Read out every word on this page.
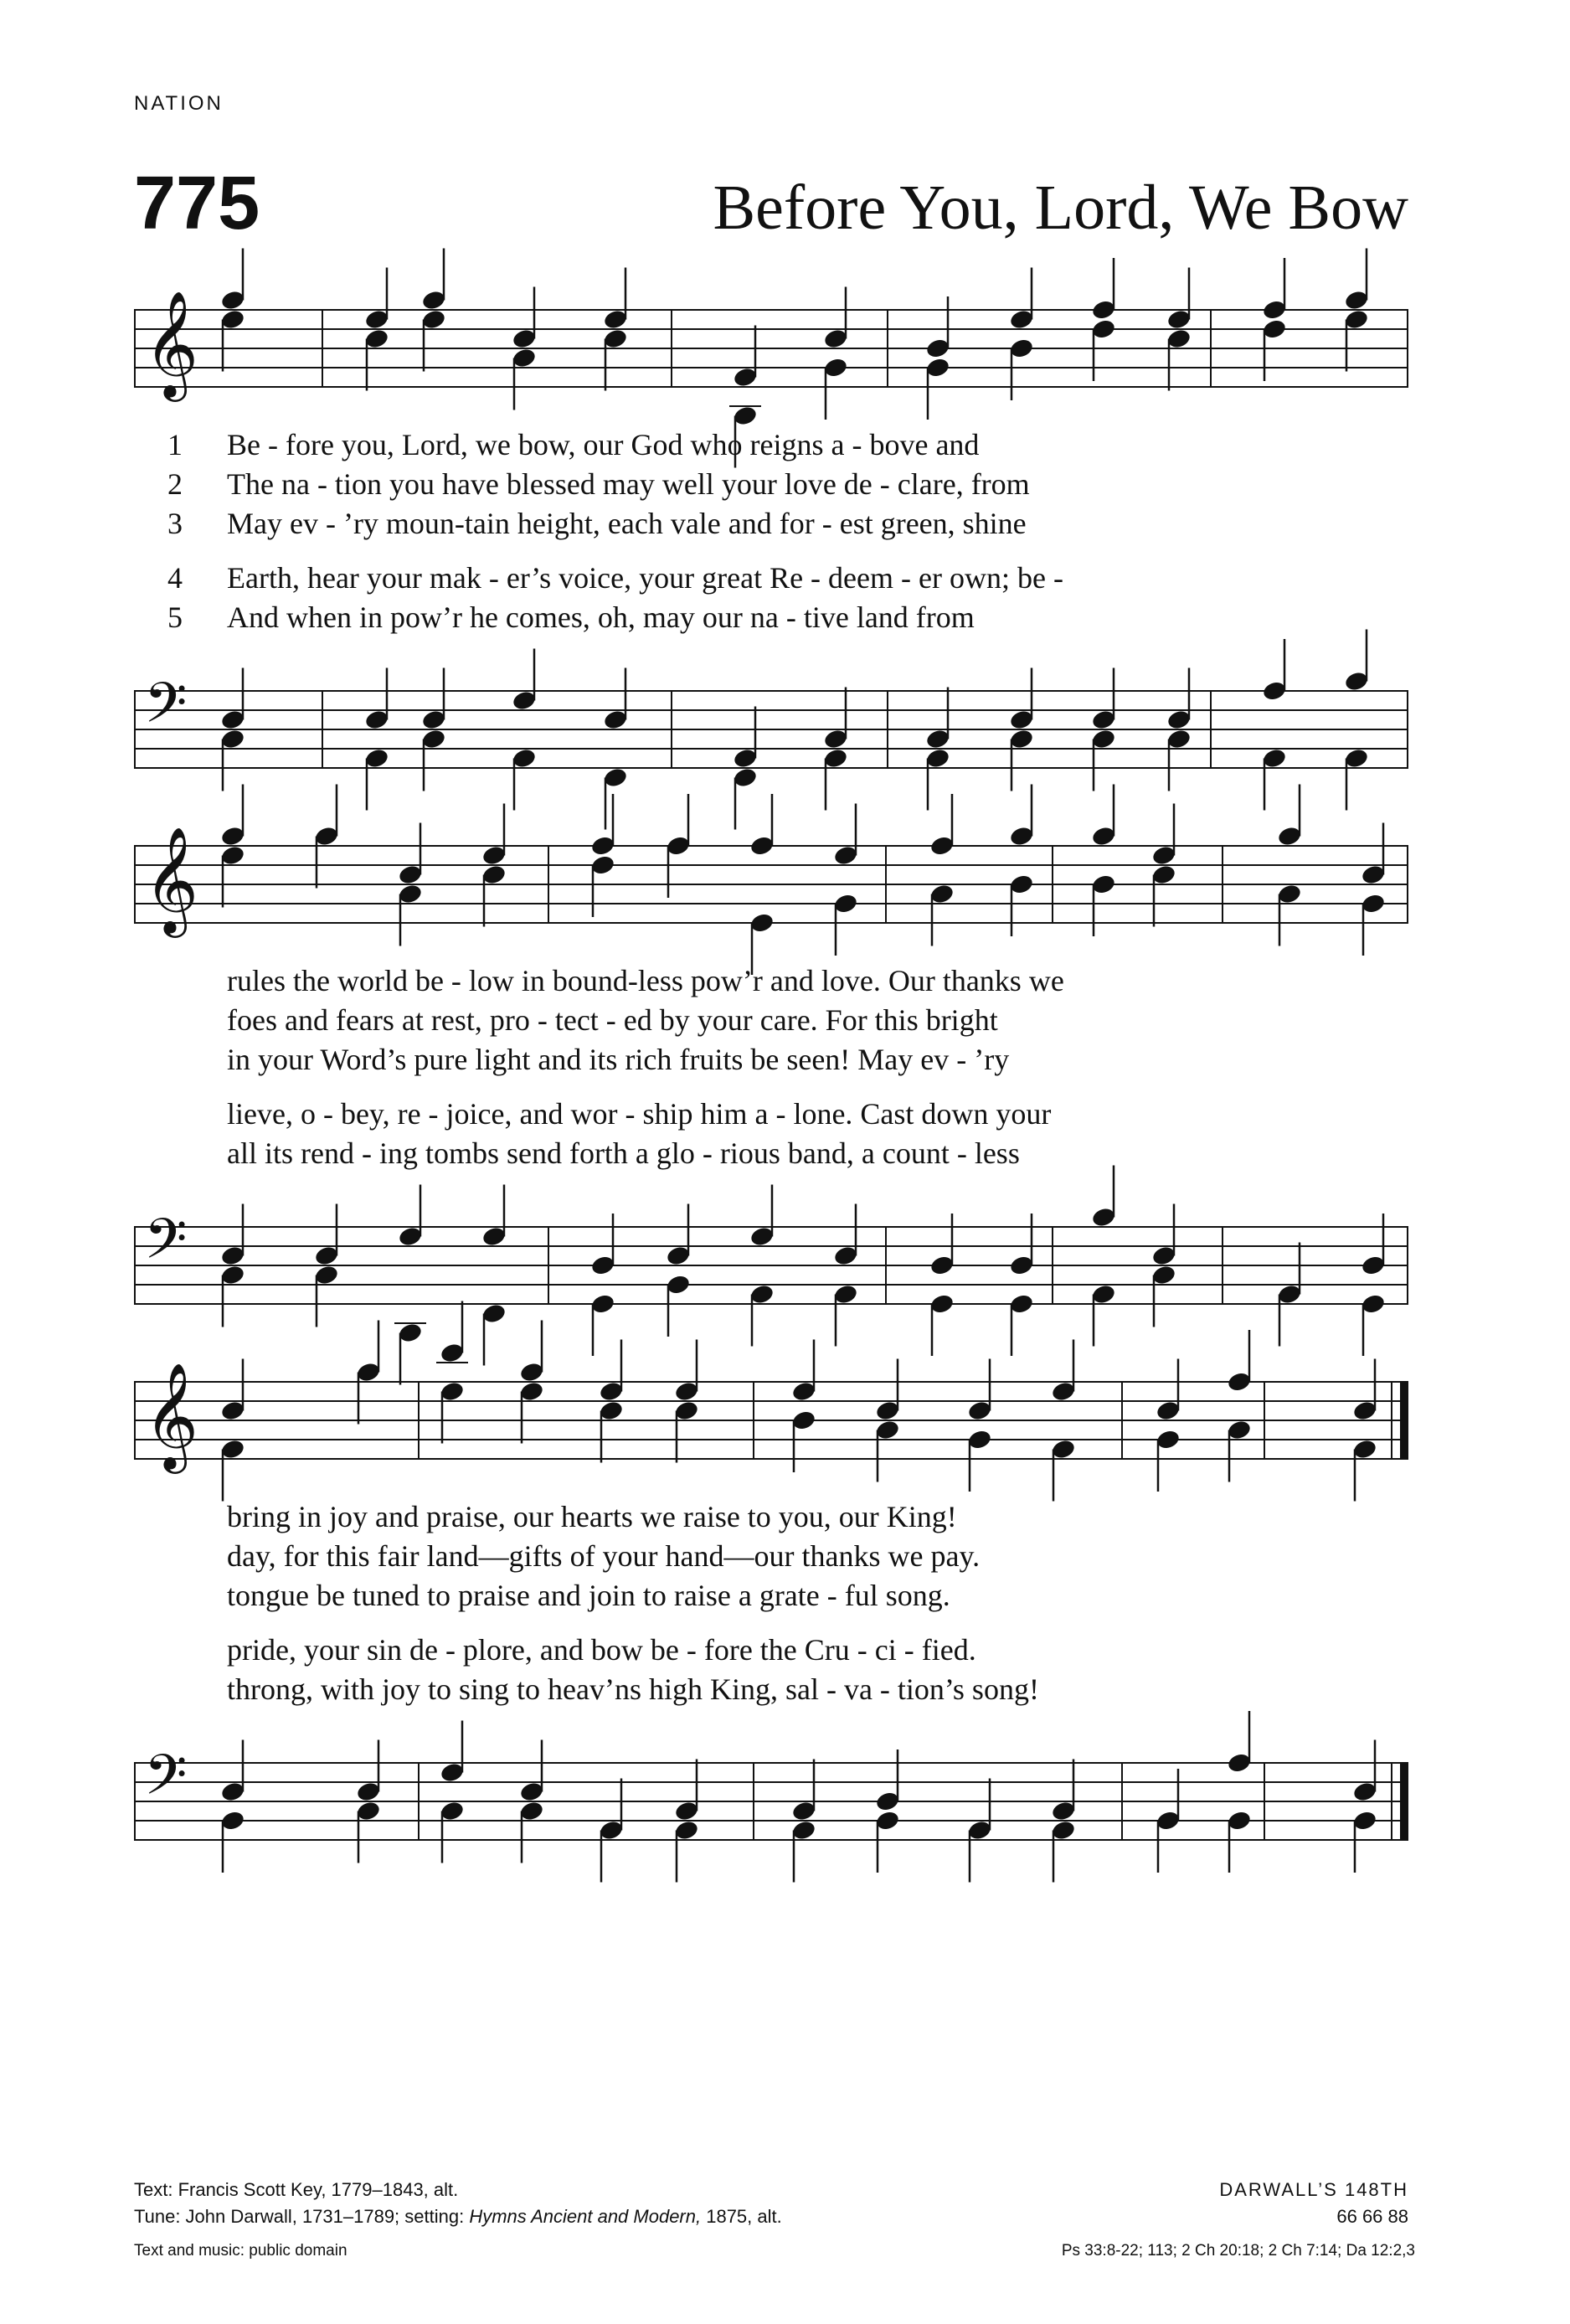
NATION
775	Before You, Lord, We Bow
𝄞
1 Be - fore you, Lord, we bow, our God who reigns a - bove and
2 The na - tion you have blessed may well your love de - clare, from
3 May ev - ’ry moun-tain height, each vale and for - est green, shine
4 Earth, hear your mak - er’s voice, your great Re - deem - er own; be -
5 And when in pow’r he comes, oh, may our na - tive land from
𝄢
𝄞
rules the world be - low in bound-less pow’r and love. Our thanks we
foes and fears at rest, pro - tect - ed by your care. For this bright
in your Word’s pure light and its rich fruits be seen! May ev - ’ry
lieve, o - bey, re - joice, and wor - ship him a - lone. Cast down your
all its rend - ing tombs send forth a glo - rious band, a count - less
𝄢
𝄞
bring in joy and praise, our hearts we raise to you, our King!
day, for this fair land—gifts of your hand—our thanks we pay.
tongue be tuned to praise and join to raise a grate - ful song.
pride, your sin de - plore, and bow be - fore the Cru - ci - fied.
throng, with joy to sing to heav’ns high King, sal - va - tion’s song!
𝄢
Text: Francis Scott Key, 1779–1843, alt.
Tune: John Darwall, 1731–1789; setting: Hymns Ancient and Modern, 1875, alt.
Text and music: public domain
DARWALL’S 148TH
66 66 88
Ps 33:8-22; 113; 2 Ch 20:18; 2 Ch 7:14; Da 12:2,3
